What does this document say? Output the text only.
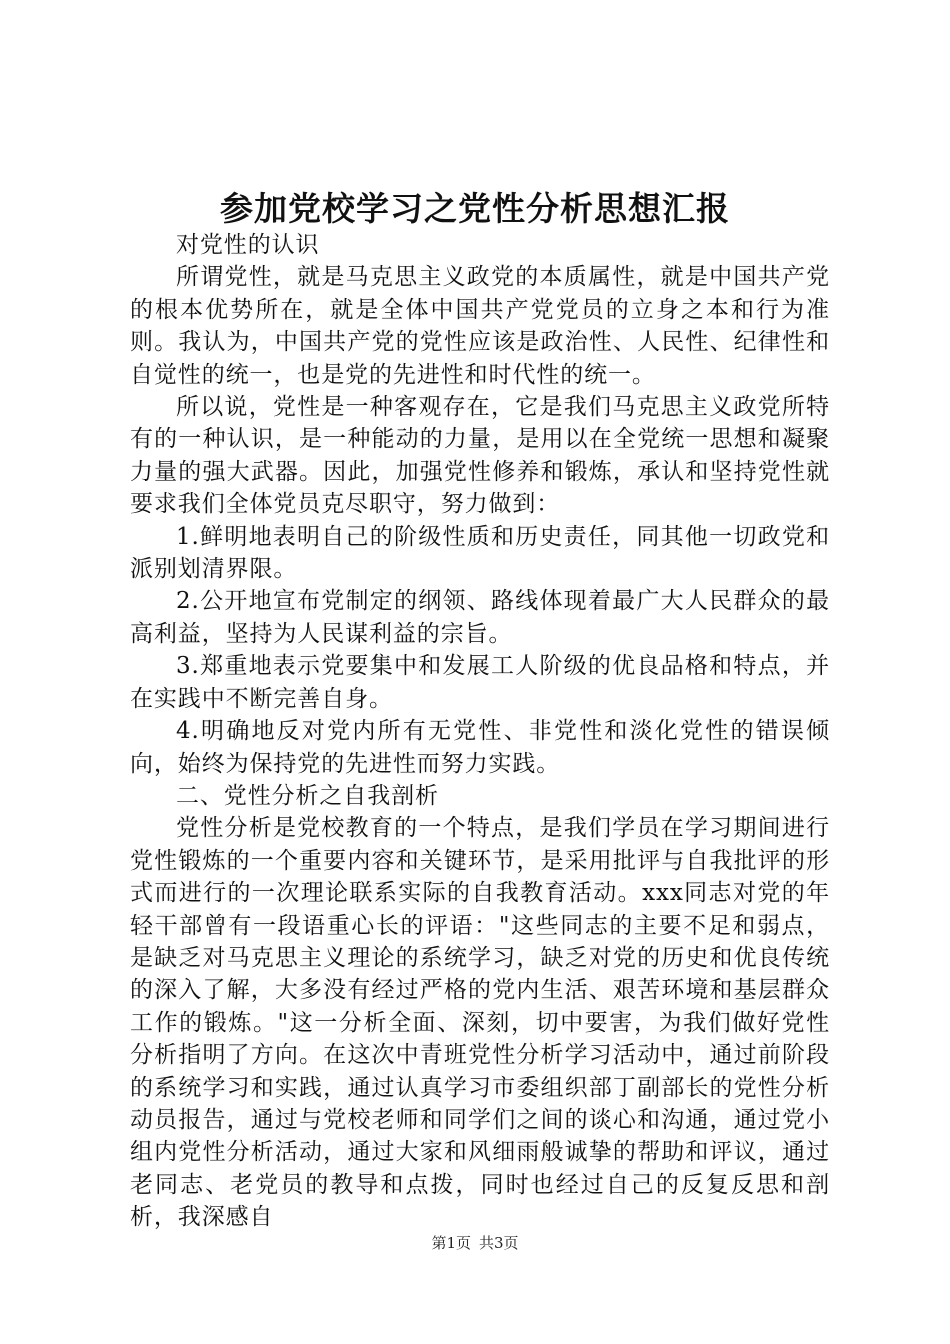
参加党校学习之党性分析思想汇报

对党性的认识

所谓党性，就是马克思主义政党的本质属性，就是中国共产党的根本优势所在，就是全体中国共产党党员的立身之本和行为准则。我认为，中国共产党的党性应该是政治性、人民性、纪律性和自觉性的统一，也是党的先进性和时代性的统一。

所以说，党性是一种客观存在，它是我们马克思主义政党所特有的一种认识，是一种能动的力量，是用以在全党统一思想和凝聚力量的强大武器。因此，加强党性修养和锻炼，承认和坚持党性就要求我们全体党员克尽职守，努力做到：

1.鲜明地表明自己的阶级性质和历史责任，同其他一切政党和派别划清界限。

2.公开地宣布党制定的纲领、路线体现着最广大人民群众的最高利益，坚持为人民谋利益的宗旨。

3.郑重地表示党要集中和发展工人阶级的优良品格和特点，并在实践中不断完善自身。

4.明确地反对党内所有无党性、非党性和淡化党性的错误倾向，始终为保持党的先进性而努力实践。

二、党性分析之自我剖析

党性分析是党校教育的一个特点，是我们学员在学习期间进行党性锻炼的一个重要内容和关键环节，是采用批评与自我批评的形式而进行的一次理论联系实际的自我教育活动。xxx同志对党的年轻干部曾有一段语重心长的评语："这些同志的主要不足和弱点，是缺乏对马克思主义理论的系统学习，缺乏对党的历史和优良传统的深入了解，大多没有经过严格的党内生活、艰苦环境和基层群众工作的锻炼。"这一分析全面、深刻，切中要害，为我们做好党性分析指明了方向。在这次中青班党性分析学习活动中，通过前阶段的系统学习和实践，通过认真学习市委组织部丁副部长的党性分析动员报告，通过与党校老师和同学们之间的谈心和沟通，通过党小组内党性分析活动，通过大家和风细雨般诚挚的帮助和评议，通过老同志、老党员的教导和点拨，同时也经过自己的反复反思和剖析，我深感自

第1页 共3页
